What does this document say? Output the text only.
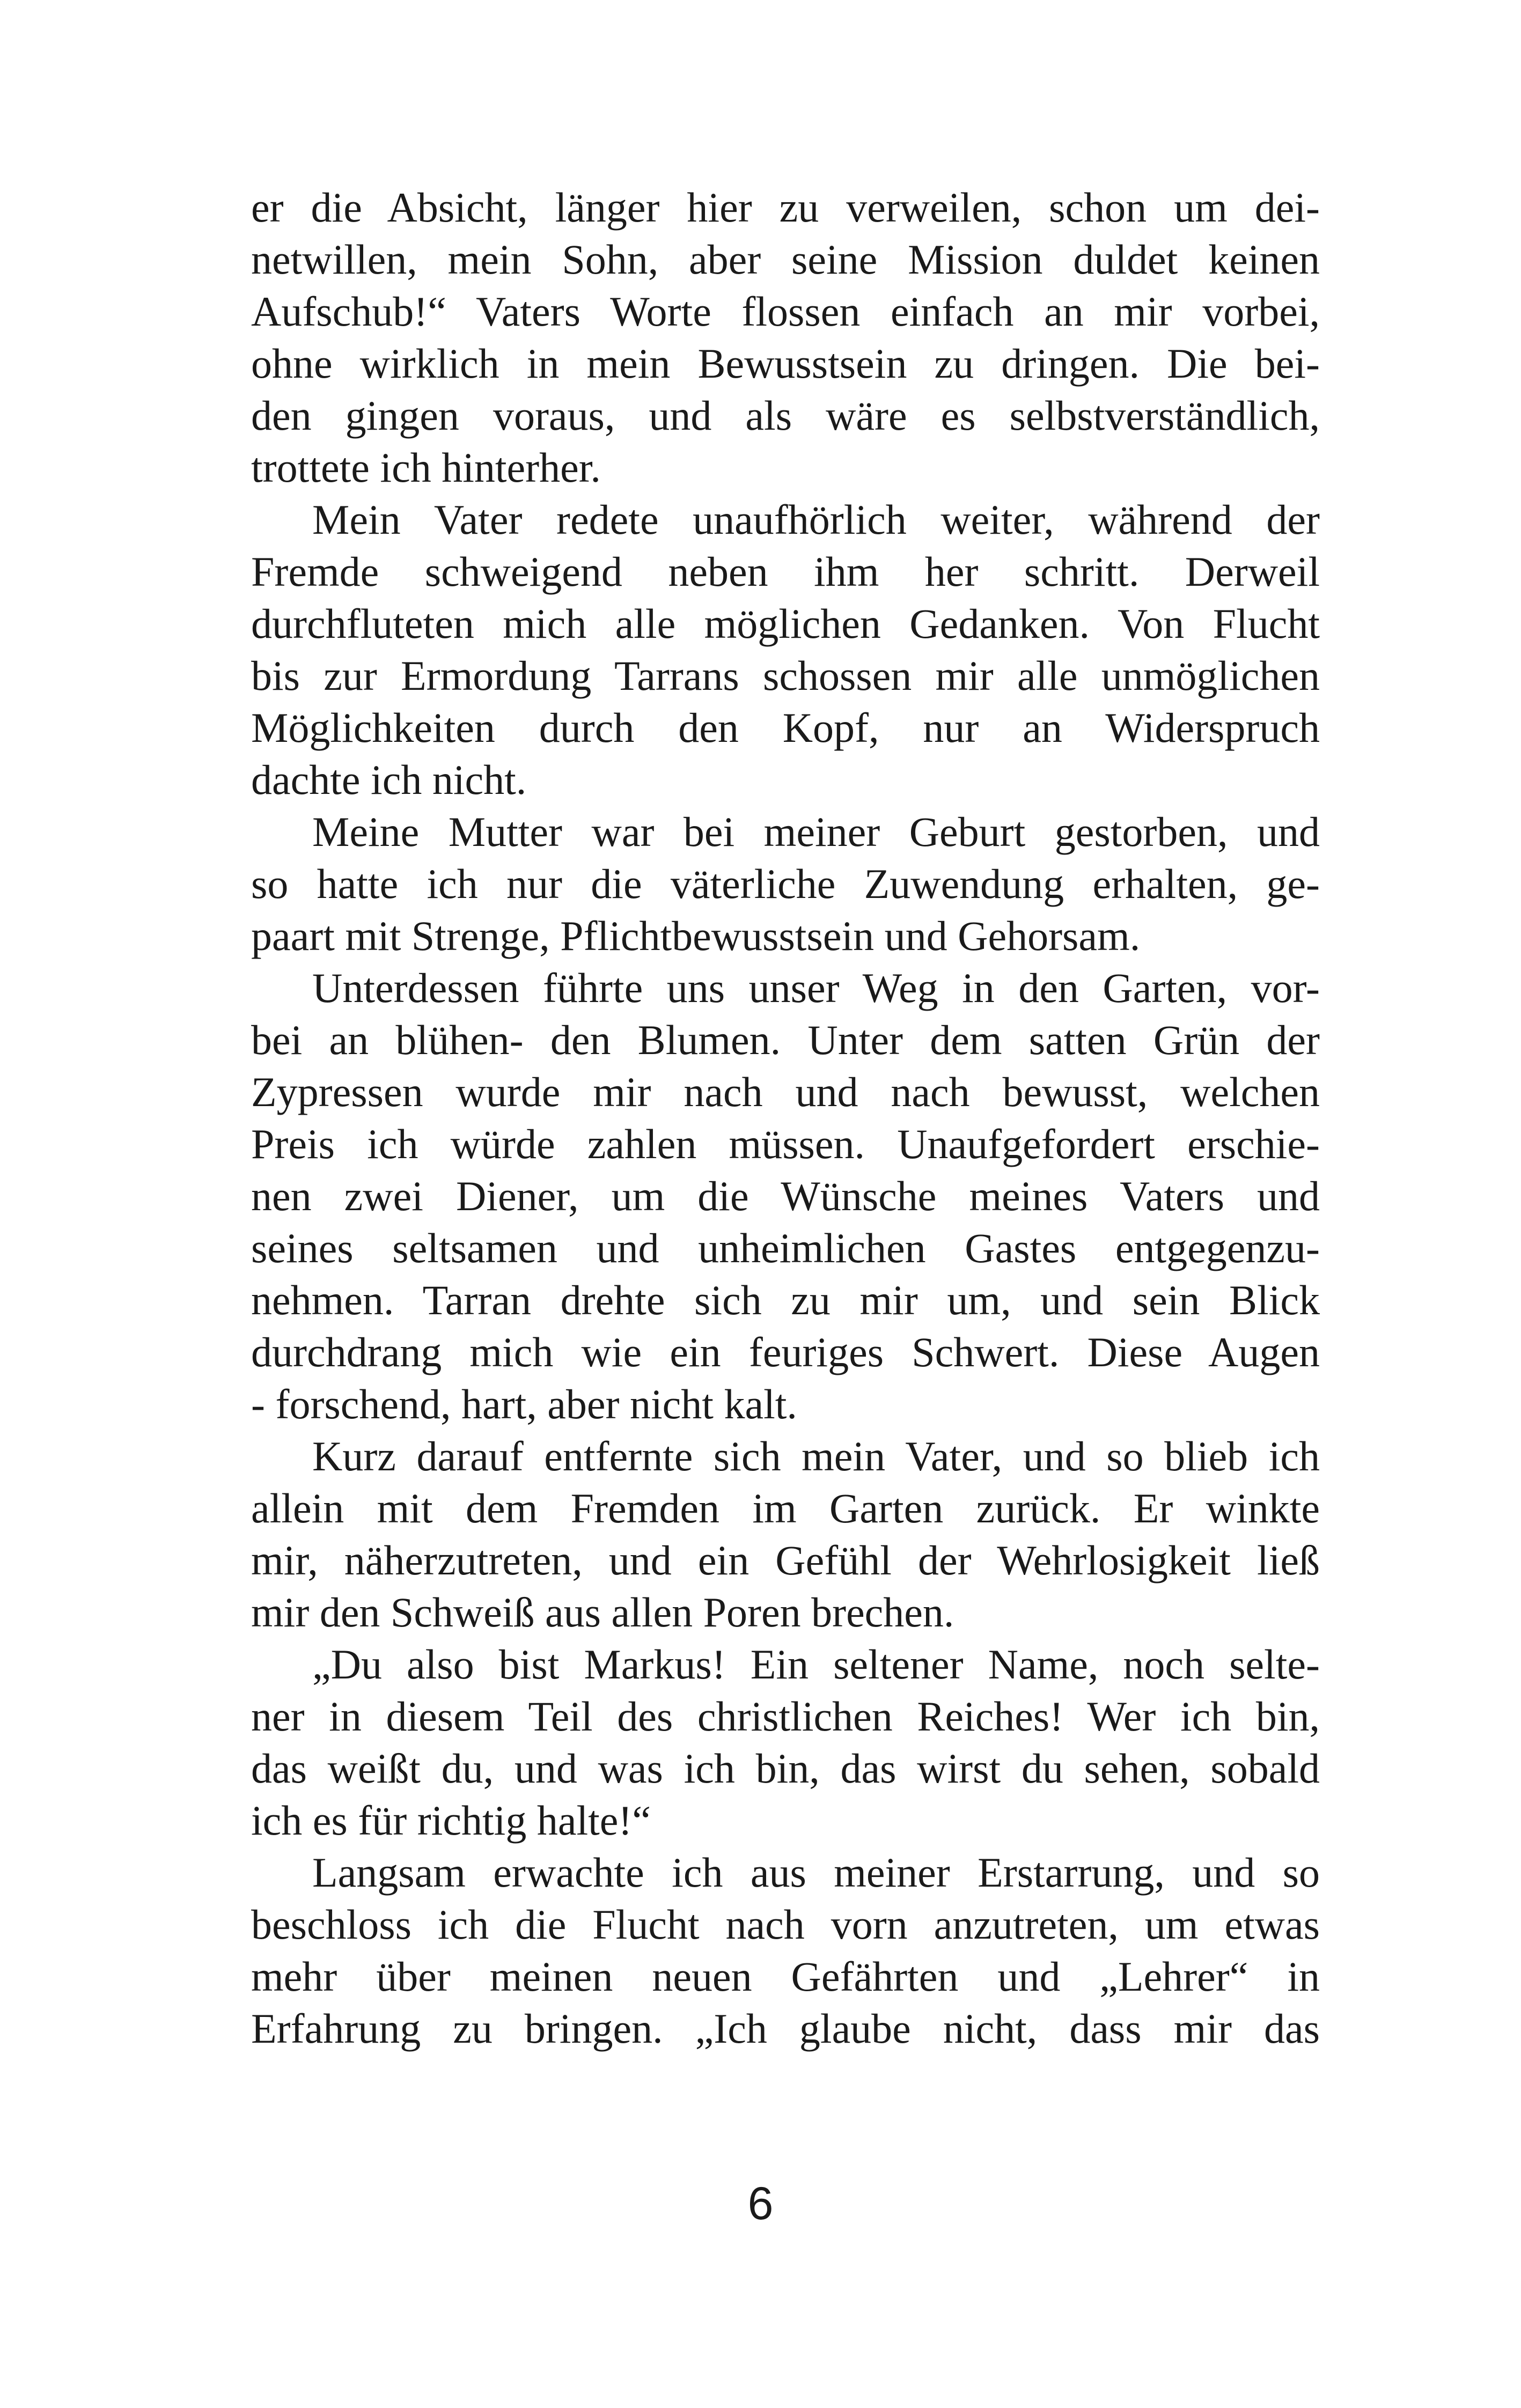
er die Absicht, länger hier zu verweilen, schon um dei-
netwillen, mein Sohn, aber seine Mission duldet keinen
Aufschub!“ Vaters Worte flossen einfach an mir vorbei,
ohne wirklich in mein Bewusstsein zu dringen. Die bei-
den gingen voraus, und als wäre es selbstverständlich,
trottete ich hinterher.
Mein Vater redete unaufhörlich weiter, während der
Fremde schweigend neben ihm her schritt. Derweil
durchfluteten mich alle möglichen Gedanken. Von Flucht
bis zur Ermordung Tarrans schossen mir alle unmöglichen
Möglichkeiten durch den Kopf, nur an Widerspruch
dachte ich nicht.
Meine Mutter war bei meiner Geburt gestorben, und
so hatte ich nur die väterliche Zuwendung erhalten, ge-
paart mit Strenge, Pflichtbewusstsein und Gehorsam.
Unterdessen führte uns unser Weg in den Garten, vor-
bei an blühen- den Blumen. Unter dem satten Grün der
Zypressen wurde mir nach und nach bewusst, welchen
Preis ich würde zahlen müssen. Unaufgefordert erschie-
nen zwei Diener, um die Wünsche meines Vaters und
seines seltsamen und unheimlichen Gastes entgegenzu-
nehmen. Tarran drehte sich zu mir um, und sein Blick
durchdrang mich wie ein feuriges Schwert. Diese Augen
- forschend, hart, aber nicht kalt.
Kurz darauf entfernte sich mein Vater, und so blieb ich
allein mit dem Fremden im Garten zurück. Er winkte
mir, näherzutreten, und ein Gefühl der Wehrlosigkeit ließ
mir den Schweiß aus allen Poren brechen.
„Du also bist Markus! Ein seltener Name, noch selte-
ner in diesem Teil des christlichen Reiches! Wer ich bin,
das weißt du, und was ich bin, das wirst du sehen, sobald
ich es für richtig halte!“
Langsam erwachte ich aus meiner Erstarrung, und so
beschloss ich die Flucht nach vorn anzutreten, um etwas
mehr über meinen neuen Gefährten und „Lehrer“ in
Erfahrung zu bringen. „Ich glaube nicht, dass mir das
6
